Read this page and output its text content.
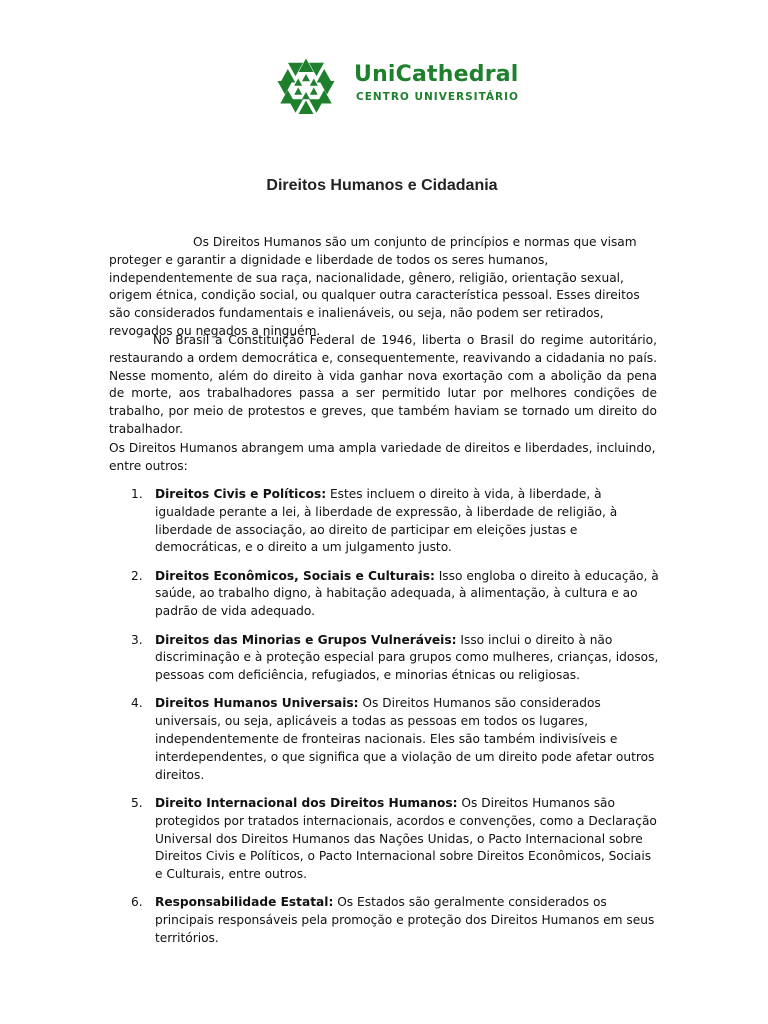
UniCathedral
CENTRO UNIVERSITÁRIO
Direitos Humanos e Cidadania
Os Direitos Humanos são um conjunto de princípios e normas que visam proteger e garantir a dignidade e liberdade de todos os seres humanos, independentemente de sua raça, nacionalidade, gênero, religião, orientação sexual, origem étnica, condição social, ou qualquer outra característica pessoal. Esses direitos são considerados fundamentais e inalienáveis, ou seja, não podem ser retirados, revogados ou negados a ninguém.
No Brasil a Constituição Federal de 1946, liberta o Brasil do regime autoritário, restaurando a ordem democrática e, consequentemente, reavivando a cidadania no país. Nesse momento, além do direito à vida ganhar nova exortação com a abolição da pena de morte, aos trabalhadores passa a ser permitido lutar por melhores condições de trabalho, por meio de protestos e greves, que também haviam se tornado um direito do trabalhador.
Os Direitos Humanos abrangem uma ampla variedade de direitos e liberdades, incluindo, entre outros:
1. Direitos Civis e Políticos: Estes incluem o direito à vida, à liberdade, à igualdade perante a lei, à liberdade de expressão, à liberdade de religião, à liberdade de associação, ao direito de participar em eleições justas e democráticas, e o direito a um julgamento justo.
2. Direitos Econômicos, Sociais e Culturais: Isso engloba o direito à educação, à saúde, ao trabalho digno, à habitação adequada, à alimentação, à cultura e ao padrão de vida adequado.
3. Direitos das Minorias e Grupos Vulneráveis: Isso inclui o direito à não discriminação e à proteção especial para grupos como mulheres, crianças, idosos, pessoas com deficiência, refugiados, e minorias étnicas ou religiosas.
4. Direitos Humanos Universais: Os Direitos Humanos são considerados universais, ou seja, aplicáveis a todas as pessoas em todos os lugares, independentemente de fronteiras nacionais. Eles são também indivisíveis e interdependentes, o que significa que a violação de um direito pode afetar outros direitos.
5. Direito Internacional dos Direitos Humanos: Os Direitos Humanos são protegidos por tratados internacionais, acordos e convenções, como a Declaração Universal dos Direitos Humanos das Nações Unidas, o Pacto Internacional sobre Direitos Civis e Políticos, o Pacto Internacional sobre Direitos Econômicos, Sociais e Culturais, entre outros.
6. Responsabilidade Estatal: Os Estados são geralmente considerados os principais responsáveis pela promoção e proteção dos Direitos Humanos em seus territórios.
